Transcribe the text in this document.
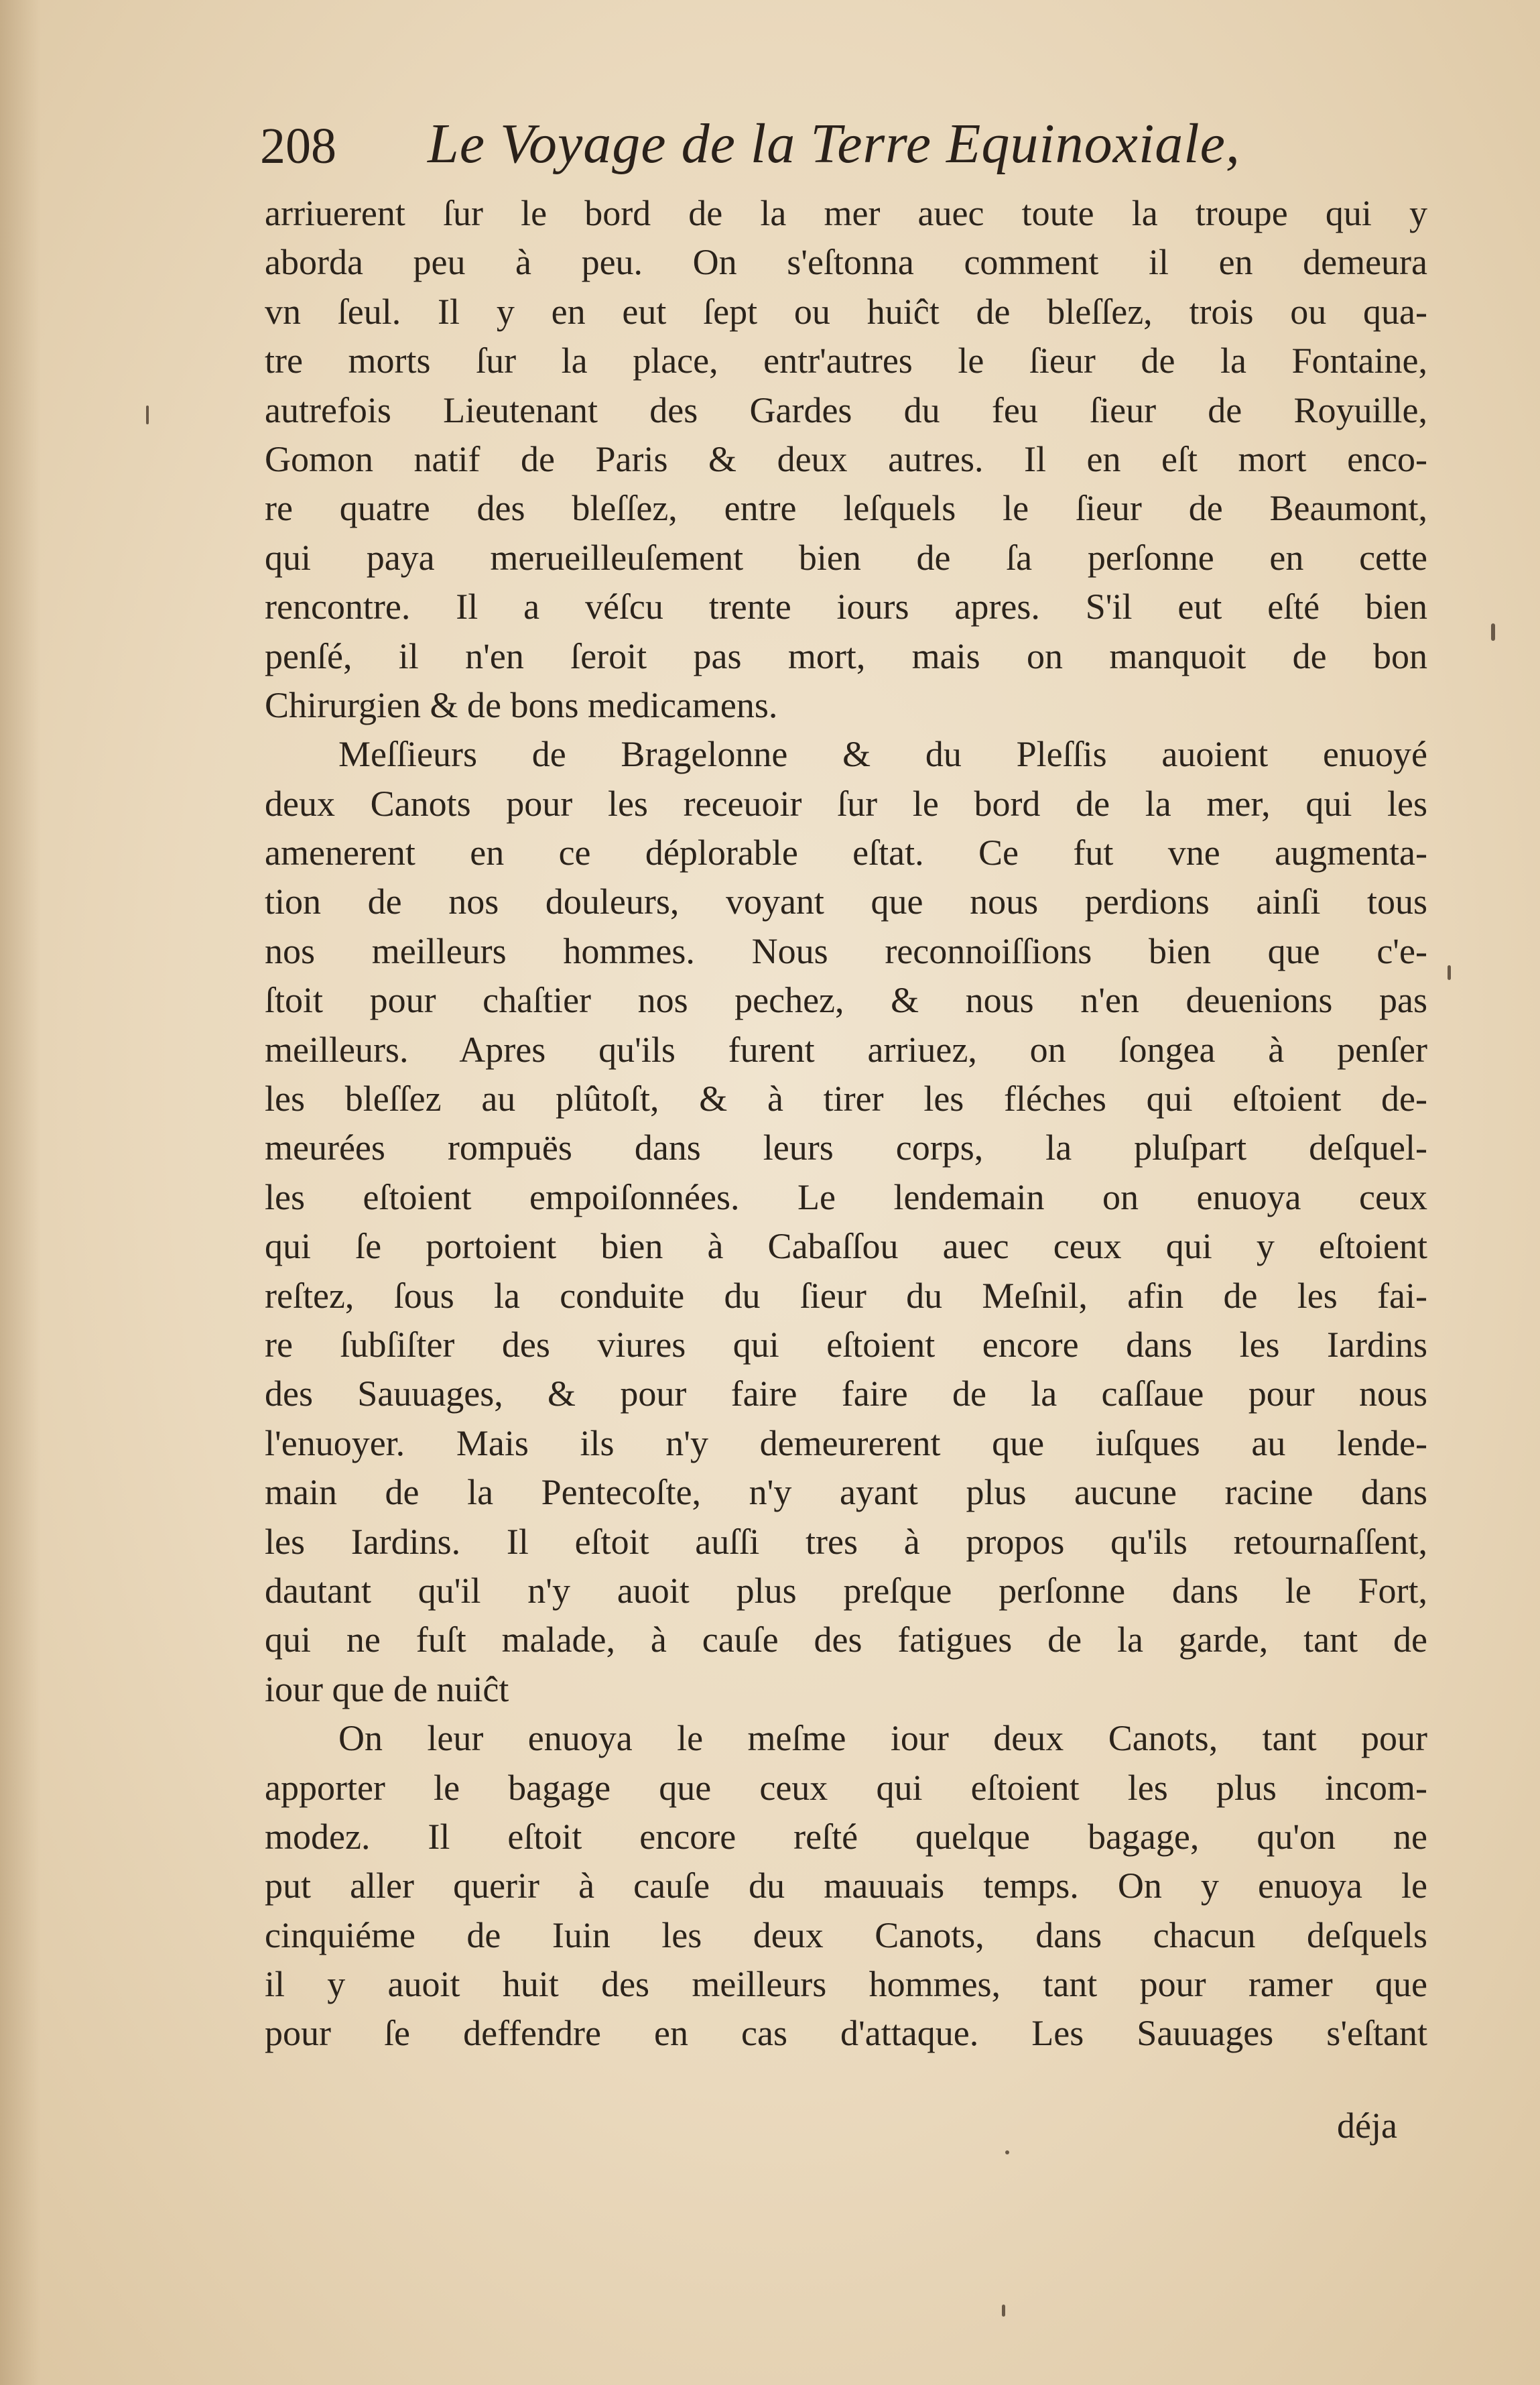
208 Le Voyage de la Terre Equinoxiale,
arriuerent ſur le bord de la mer auec toute la troupe qui y
aborda peu à peu. On s'eſtonna comment il en demeura
vn ſeul. Il y en eut ſept ou huiĉt de bleſſez, trois ou qua-
tre morts ſur la place, entr'autres le ſieur de la Fontaine,
autrefois Lieutenant des Gardes du feu ſieur de Royuille,
Gomon natif de Paris & deux autres. Il en eſt mort enco-
re quatre des bleſſez, entre leſquels le ſieur de Beaumont,
qui paya merueilleuſement bien de ſa perſonne en cette
rencontre. Il a véſcu trente iours apres. S'il eut eſté bien
penſé, il n'en ſeroit pas mort, mais on manquoit de bon
Chirurgien & de bons medicamens.
Meſſieurs de Bragelonne & du Pleſſis auoient enuoyé
deux Canots pour les receuoir ſur le bord de la mer, qui les
amenerent en ce déplorable eſtat. Ce fut vne augmenta-
tion de nos douleurs, voyant que nous perdions ainſi tous
nos meilleurs hommes. Nous reconnoiſſions bien que c'e-
ſtoit pour chaſtier nos pechez, & nous n'en deuenions pas
meilleurs. Apres qu'ils furent arriuez, on ſongea à penſer
les bleſſez au plûtoſt, & à tirer les fléches qui eſtoient de-
meurées rompuës dans leurs corps, la pluſpart deſquel-
les eſtoient empoiſonnées. Le lendemain on enuoya ceux
qui ſe portoient bien à Cabaſſou auec ceux qui y eſtoient
reſtez, ſous la conduite du ſieur du Meſnil, afin de les fai-
re ſubſiſter des viures qui eſtoient encore dans les Iardins
des Sauuages, & pour faire faire de la caſſaue pour nous
l'enuoyer. Mais ils n'y demeurerent que iuſques au lende-
main de la Pentecoſte, n'y ayant plus aucune racine dans
les Iardins. Il eſtoit auſſi tres à propos qu'ils retournaſſent,
dautant qu'il n'y auoit plus preſque perſonne dans le Fort,
qui ne fuſt malade, à cauſe des fatigues de la garde, tant de
iour que de nuiĉt
On leur enuoya le meſme iour deux Canots, tant pour
apporter le bagage que ceux qui eſtoient les plus incom-
modez. Il eſtoit encore reſté quelque bagage, qu'on ne
put aller querir à cauſe du mauuais temps. On y enuoya le
cinquiéme de Iuin les deux Canots, dans chacun deſquels
il y auoit huit des meilleurs hommes, tant pour ramer que
pour ſe deffendre en cas d'attaque. Les Sauuages s'eſtant
déja
